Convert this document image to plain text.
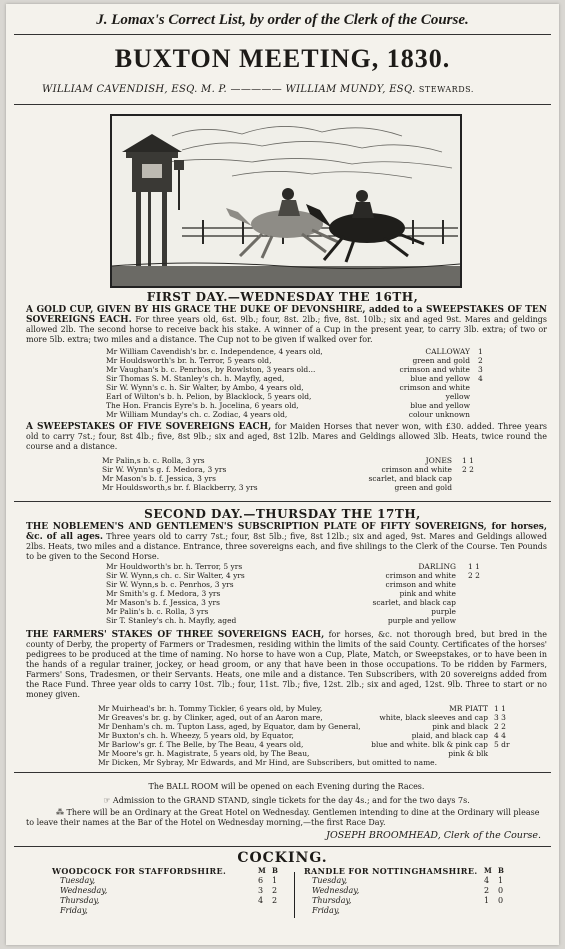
J. Lomax's Correct List, by order of the Clerk of the Course.
BUXTON MEETING, 1830.
WILLIAM CAVENDISH, ESQ. M. P. ————— WILLIAM MUNDY, ESQ. STEWARDS.
FIRST DAY.—WEDNESDAY THE 16TH,
A GOLD CUP, GIVEN BY HIS GRACE THE DUKE OF DEVONSHIRE, added to a SWEEPSTAKES OF TEN SOVEREIGNS EACH. For three years old, 6st. 9lb.; four, 8st. 2lb.; five, 8st. 10lb.; six and aged 9st. Mares and geldings allowed 2lb. The second horse to receive back his stake. A winner of a Cup in the present year, to carry 3lb. extra; of two or more 5lb. extra; two miles and a distance. The Cup not to be given if walked over for.
Mr William Cavendish's br. c. Independence, 4 years old,	CALLOWAY 1
Mr Houldsworth's br. h. Terror, 5 years old,	green and gold 2
Mr Vaughan's b. c. Penrhos, by Rowlston, 3 years old...	crimson and white 3
Sir Thomas S. M. Stanley's ch. h. Mayfly, aged,	blue and yellow 4
Sir W. Wynn's c. h. Sir Walter, by Ambo, 4 years old,	crimson and white
Earl of Wilton's b. h. Pelion, by Blacklock, 5 years old,	yellow
The Hon. Francis Eyre's b. h. Jocelina, 6 years old,	blue and yellow
Mr William Munday's ch. c. Zodiac, 4 years old,	colour unknown
A SWEEPSTAKES OF FIVE SOVEREIGNS EACH, for Maiden Horses that never won, with £30. added. Three years old to carry 7st.; four, 8st 4lb.; five, 8st 9lb.; six and aged, 8st 12lb. Mares and Geldings allowed 3lb. Heats, twice round the course and a distance.
Mr Palin,s b. c. Rolla, 3 yrs	JONES 1 1
Sir W. Wynn's g. f. Medora, 3 yrs	crimson and white 2 2
Mr Mason's b. f. Jessica, 3 yrs	scarlet, and black cap
Mr Houldsworth,s br. f. Blackberry, 3 yrs	green and gold
SECOND DAY.—THURSDAY THE 17TH,
THE NOBLEMEN'S AND GENTLEMEN'S SUBSCRIPTION PLATE OF FIFTY SOVEREIGNS, for horses, &c. of all ages. Three years old to carry 7st.; four, 8st 5lb.; five, 8st 12lb.; six and aged, 9st. Mares and Geldings allowed 2lbs. Heats, two miles and a distance. Entrance, three sovereigns each, and five shilings to the Clerk of the Course. Ten Pounds to be given to the Second Horse.
Mr Houldworth's br. h. Terror, 5 yrs	DARLING 1 1
Sir W. Wynn,s ch. c. Sir Walter, 4 yrs	crimson and white 2 2
Sir W. Wynn,s b. c. Penrhos, 3 yrs	crimson and white
Mr Smith's g. f. Medora, 3 yrs	pink and white
Mr Mason's b. f. Jessica, 3 yrs	scarlet, and black cap
Mr Palin's b. c. Rolla, 3 yrs	purple
Sir T. Stanley's ch. h. Mayfly, aged	purple and yellow
THE FARMERS' STAKES OF THREE SOVEREIGNS EACH, for horses, &c. not thorough bred, but bred in the county of Derby, the property of Farmers or Tradesmen, residing within the limits of the said County. Certificates of the horses' pedigrees to be produced at the time of naming. No horse to have won a Cup, Plate, Match, or Sweepstakes, or to have been in the hands of a regular trainer, jockey, or head groom, or any that have been in those occupations. To be ridden by Farmers, Farmers' Sons, Tradesmen, or their Servants. Heats, one mile and a distance. Ten Subscribers, with 20 sovereigns added from the Race Fund. Three year olds to carry 10st. 7lb.; four, 11st. 7lb.; five, 12st. 2lb.; six and aged, 12st. 9lb. Three to start or no money given.
Mr Muirhead's br. h. Tommy Tickler, 6 years old, by Muley,	MR PIATT 1 1
Mr Greaves's br. g. by Clinker, aged, out of an Aaron mare,	white, black sleeves and cap 3 3
Mr Denham's ch. m. Tupton Lass, aged, by Equator, dam by General,	pink and black 2 2
Mr Buxton's ch. h. Wheezy, 5 years old, by Equator,	plaid, and black cap 4 4
Mr Barlow's gr. f. The Belle, by The Beau, 4 years old,	blue and white. blk & pink cap 5 dr
Mr Moore's gr. h. Magistrate, 5 years old, by The Beau,	pink & blk
Mr Dicken, Mr Sybray, Mr Edwards, and Mr Hind, are Subscribers, but omitted to name.
The BALL ROOM will be opened on each Evening during the Races.
☞ Admission to the GRAND STAND, single tickets for the day 4s.; and for the two days 7s.
⁂ There will be an Ordinary at the Great Hotel on Wednesday. Gentlemen intending to dine at the Ordinary will please to leave their names at the Bar of the Hotel on Wednesday morning,—the first Race Day.
JOSEPH BROOMHEAD, Clerk of the Course.
COCKING.
WOODCOCK FOR STAFFORDSHIRE.	M B
Tuesday,	6 1
Wednesday,	3 2
Thursday,	4 2
Friday,
RANDLE FOR NOTTINGHAMSHIRE. M B
Tuesday,	4 1
Wednesday,	2 0
Thursday,	1 0
Friday,
